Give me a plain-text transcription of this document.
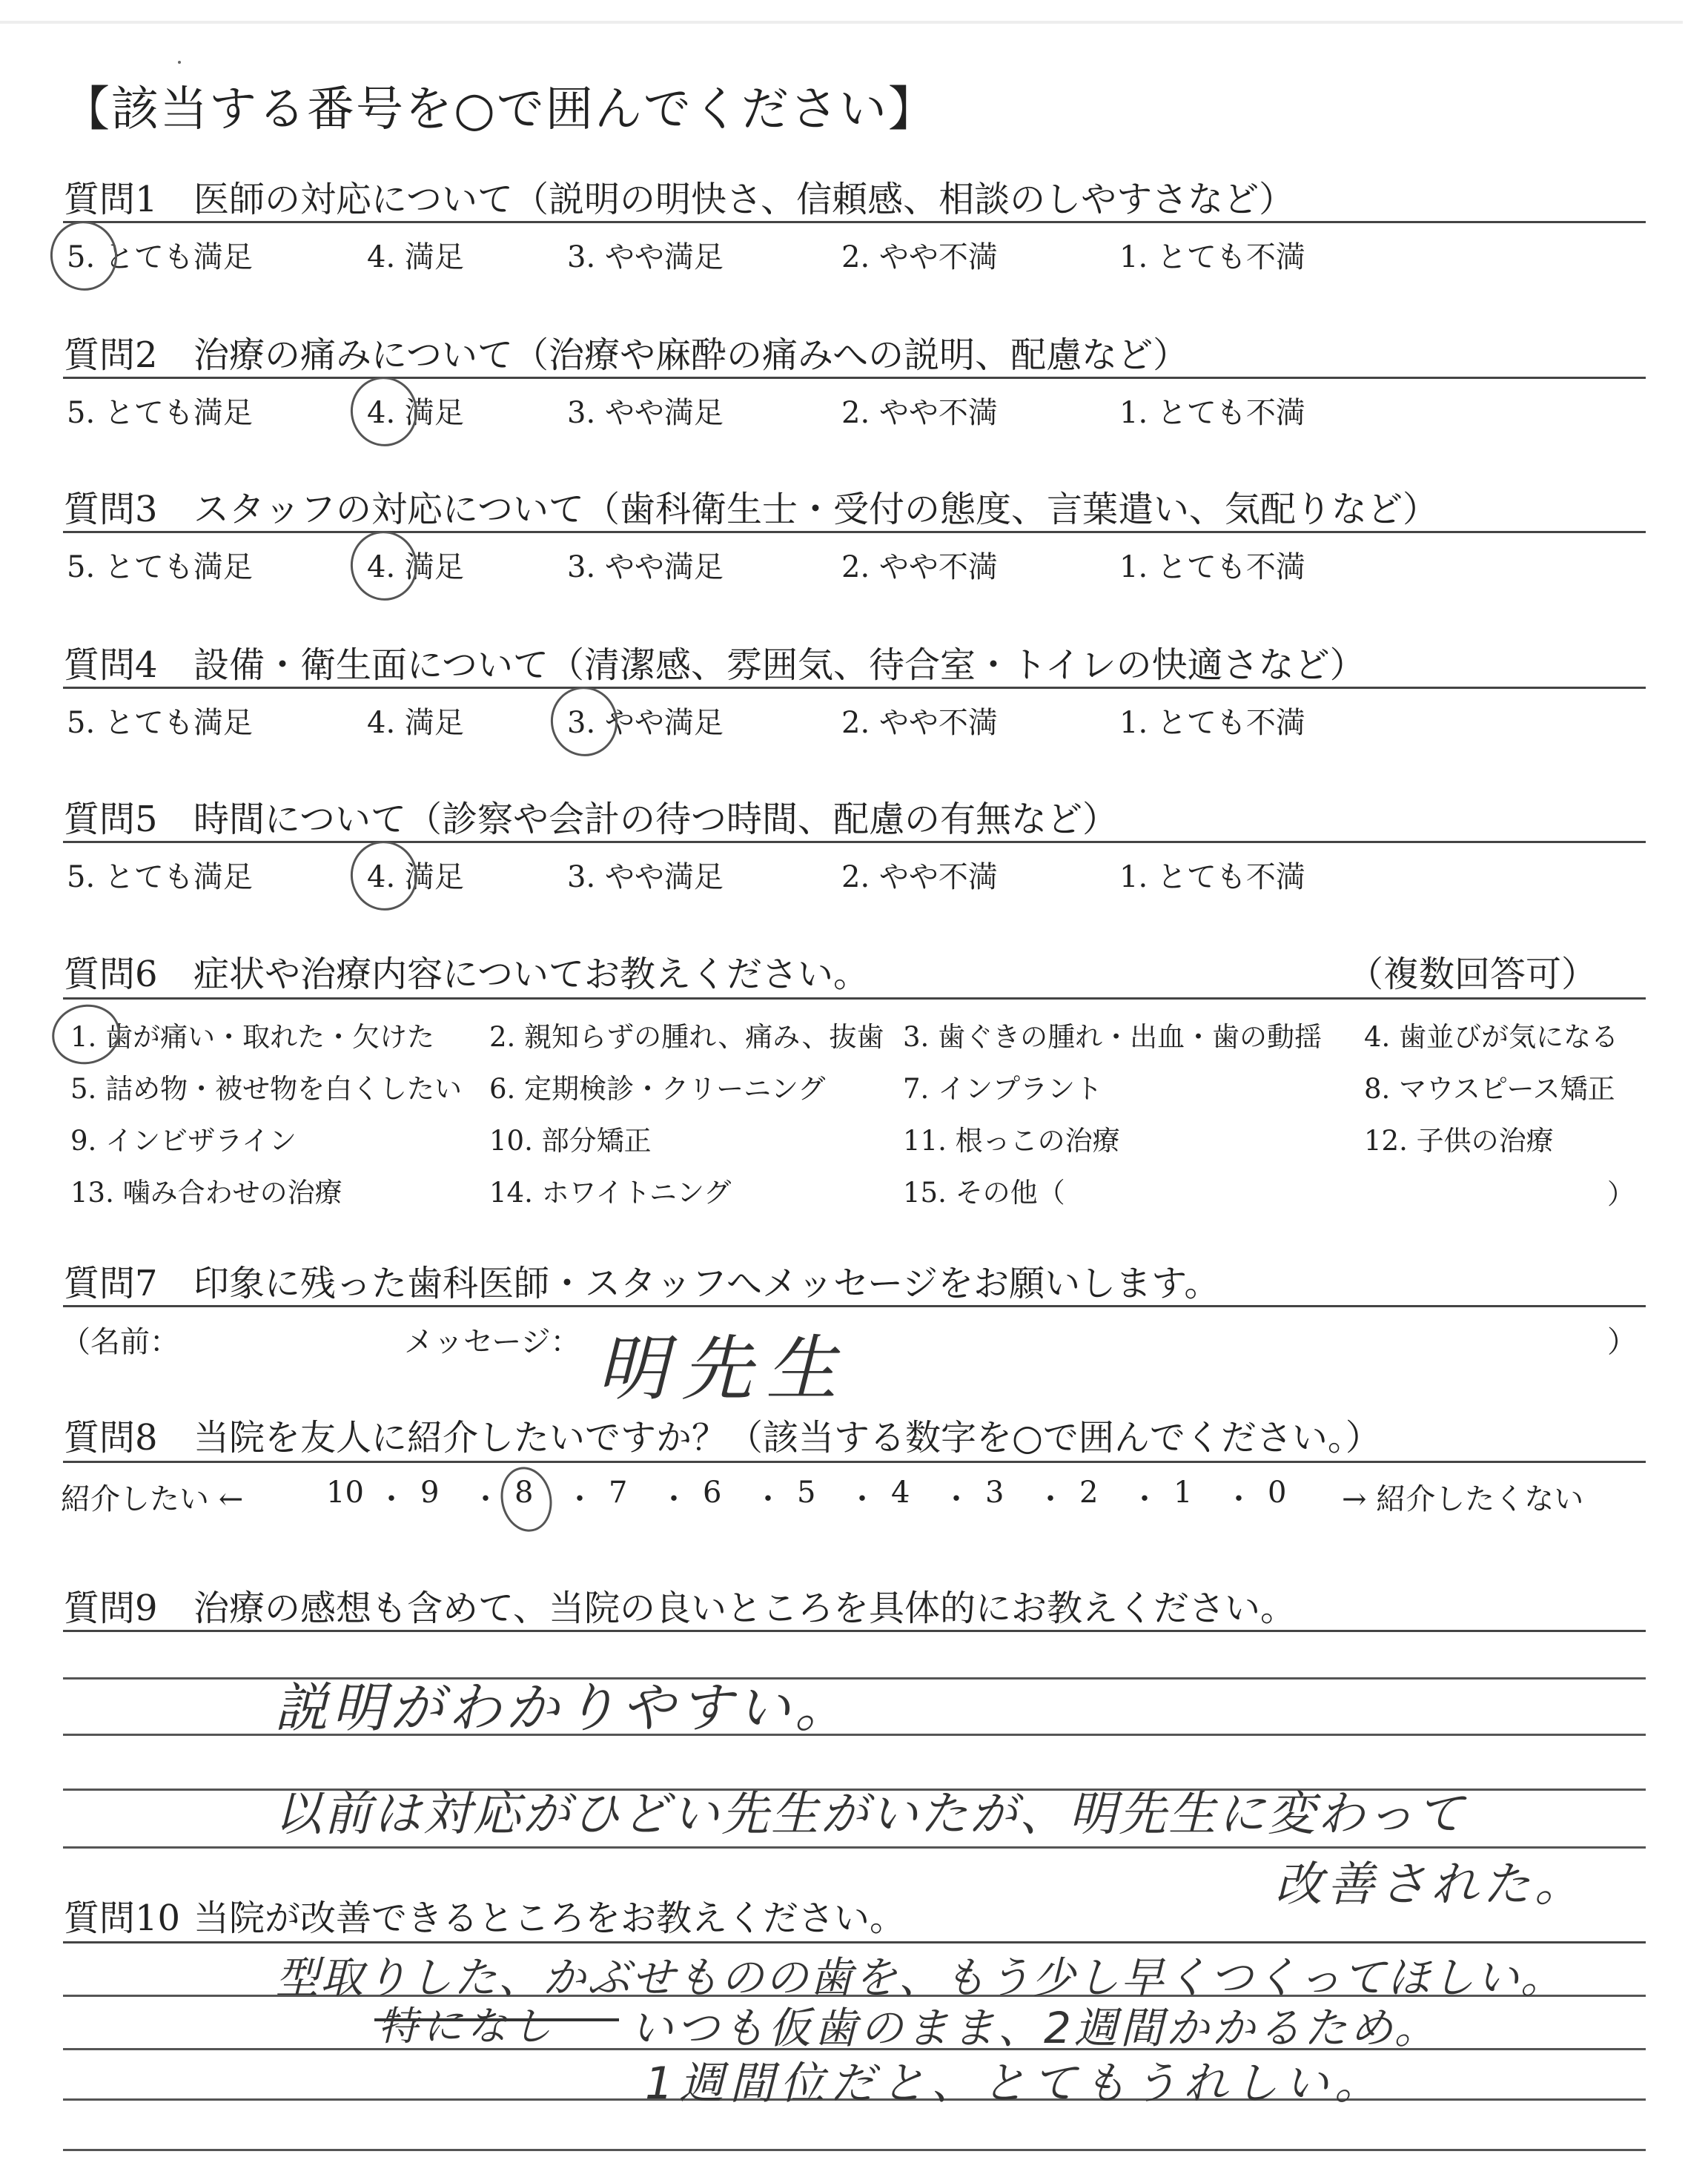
【該当する番号を○で囲んでください】
質問1 医師の対応について（説明の明快さ、信頼感、相談のしやすさなど）
5. とても満足	4. 満足	3. やや満足	2. やや不満	1. とても不満
質問2 治療の痛みについて（治療や麻酔の痛みへの説明、配慮など）
5. とても満足	4. 満足	3. やや満足	2. やや不満	1. とても不満
質問3 スタッフの対応について（歯科衛生士・受付の態度、言葉遣い、気配りなど）
5. とても満足	4. 満足	3. やや満足	2. やや不満	1. とても不満
質問4 設備・衛生面について（清潔感、雰囲気、待合室・トイレの快適さなど）
5. とても満足	4. 満足	3. やや満足	2. やや不満	1. とても不満
質問5 時間について（診察や会計の待つ時間、配慮の有無など）
5. とても満足	4. 満足	3. やや満足	2. やや不満	1. とても不満
質問6 症状や治療内容についてお教えください。	（複数回答可）
1. 歯が痛い・取れた・欠けた 2. 親知らずの腫れ、痛み、抜歯 3. 歯ぐきの腫れ・出血・歯の動揺 4. 歯並びが気になる
5. 詰め物・被せ物を白くしたい 6. 定期検診・クリーニング	7. インプラント	8. マウスピース矯正
9. インビザライン	10. 部分矯正	11. 根っこの治療	12. 子供の治療
13. 噛み合わせの治療	14. ホワイトニング	15. その他（	）
質問7 印象に残った歯科医師・スタッフへメッセージをお願いします。
（名前：	メッセージ：	）
明先生
質問8 当院を友人に紹介したいですか？（該当する数字を○で囲んでください。）
紹介したい ←	→ 紹介したくない
10 ・ 9 ・ 8 ・ 7 ・ 6 ・ 5 ・ 4 ・ 3 ・ 2 ・ 1 ・ 0
質問9 治療の感想も含めて、当院の良いところを具体的にお教えください。
説明がわかりやすい。
以前は対応がひどい先生がいたが、明先生に変わって
改善された。
質問10 当院が改善できるところをお教えください。
型取りした、かぶせものの歯を、もう少し早くつくってほしい。
特になし いつも仮歯のまま、2週間かかるため。
1週間位だと、とてもうれしい。
